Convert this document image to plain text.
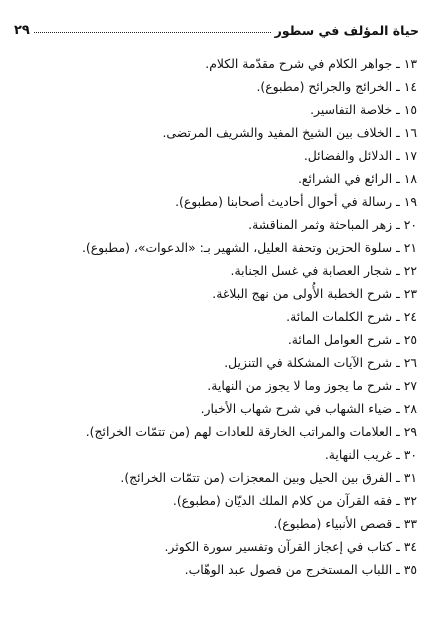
حياة المؤلف في سطور
٢٩
١٣ ـ جواهر الكلام في شرح مقدّمة الكلام.
١٤ ـ الخرائج والجرائح (مطبوع).
١٥ ـ خلاصة التفاسير.
١٦ ـ الخلاف بين الشيخ المفيد والشريف المرتضى.
١٧ ـ الدلائل والفضائل.
١٨ ـ الرائع في الشرائع.
١٩ ـ رسالة في أحوال أحاديث أصحابنا (مطبوع).
٢٠ ـ زهر المباحثة وثمر المناقشة.
٢١ ـ سلوة الحزين وتحفة العليل، الشهير بـ: «الدعوات»، (مطبوع).
٢٢ ـ شجار العصابة في غسل الجنابة.
٢٣ ـ شرح الخطبة الأُولى من نهج البلاغة.
٢٤ ـ شرح الكلمات المائة.
٢٥ ـ شرح العوامل المائة.
٢٦ ـ شرح الآيات المشكلة في التنزيل.
٢٧ ـ شرح ما يجوز وما لا يجوز من النهاية.
٢٨ ـ ضياء الشهاب في شرح شهاب الأخبار.
٢٩ ـ العلامات والمراتب الخارقة للعادات لهم (من تتمّات الخرائج).
٣٠ ـ غريب النهاية.
٣١ ـ الفرق بين الحيل وبين المعجزات (من تتمّات الخرائج).
٣٢ ـ فقه القرآن من كلام الملك الديّان (مطبوع).
٣٣ ـ قصص الأنبياء (مطبوع).
٣٤ ـ كتاب في إعجاز القرآن وتفسير سورة الكوثر.
٣٥ ـ اللباب المستخرج من فصول عبد الوهّاب.
